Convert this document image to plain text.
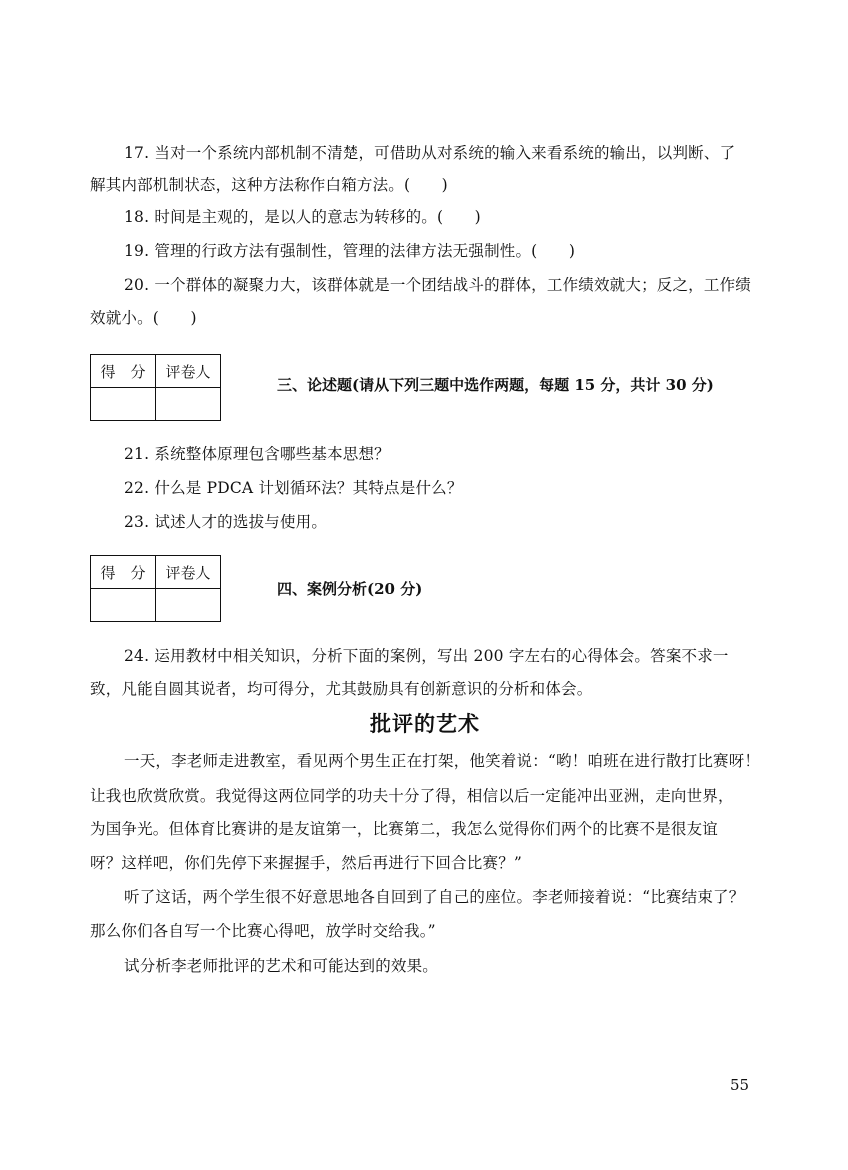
17. 当对一个系统内部机制不清楚，可借助从对系统的输入来看系统的输出，以判断、了
解其内部机制状态，这种方法称作白箱方法。(　　)
18. 时间是主观的，是以人的意志为转移的。(　　)
19. 管理的行政方法有强制性，管理的法律方法无强制性。(　　)
20. 一个群体的凝聚力大，该群体就是一个团结战斗的群体，工作绩效就大；反之，工作绩
效就小。(　　)
得　分	评卷人

三、论述题(请从下列三题中选作两题，每题 15 分，共计 30 分)
21. 系统整体原理包含哪些基本思想？
22. 什么是 PDCA 计划循环法？其特点是什么？
23. 试述人才的选拔与使用。
得　分	评卷人

四、案例分析(20 分)
24. 运用教材中相关知识，分析下面的案例，写出 200 字左右的心得体会。答案不求一
致，凡能自圆其说者，均可得分，尤其鼓励具有创新意识的分析和体会。
批评的艺术
一天，李老师走进教室，看见两个男生正在打架，他笑着说：“哟！咱班在进行散打比赛呀！
让我也欣赏欣赏。我觉得这两位同学的功夫十分了得，相信以后一定能冲出亚洲，走向世界，
为国争光。但体育比赛讲的是友谊第一，比赛第二，我怎么觉得你们两个的比赛不是很友谊
呀？这样吧，你们先停下来握握手，然后再进行下回合比赛？”
听了这话，两个学生很不好意思地各自回到了自己的座位。李老师接着说：“比赛结束了？
那么你们各自写一个比赛心得吧，放学时交给我。”
试分析李老师批评的艺术和可能达到的效果。
55
